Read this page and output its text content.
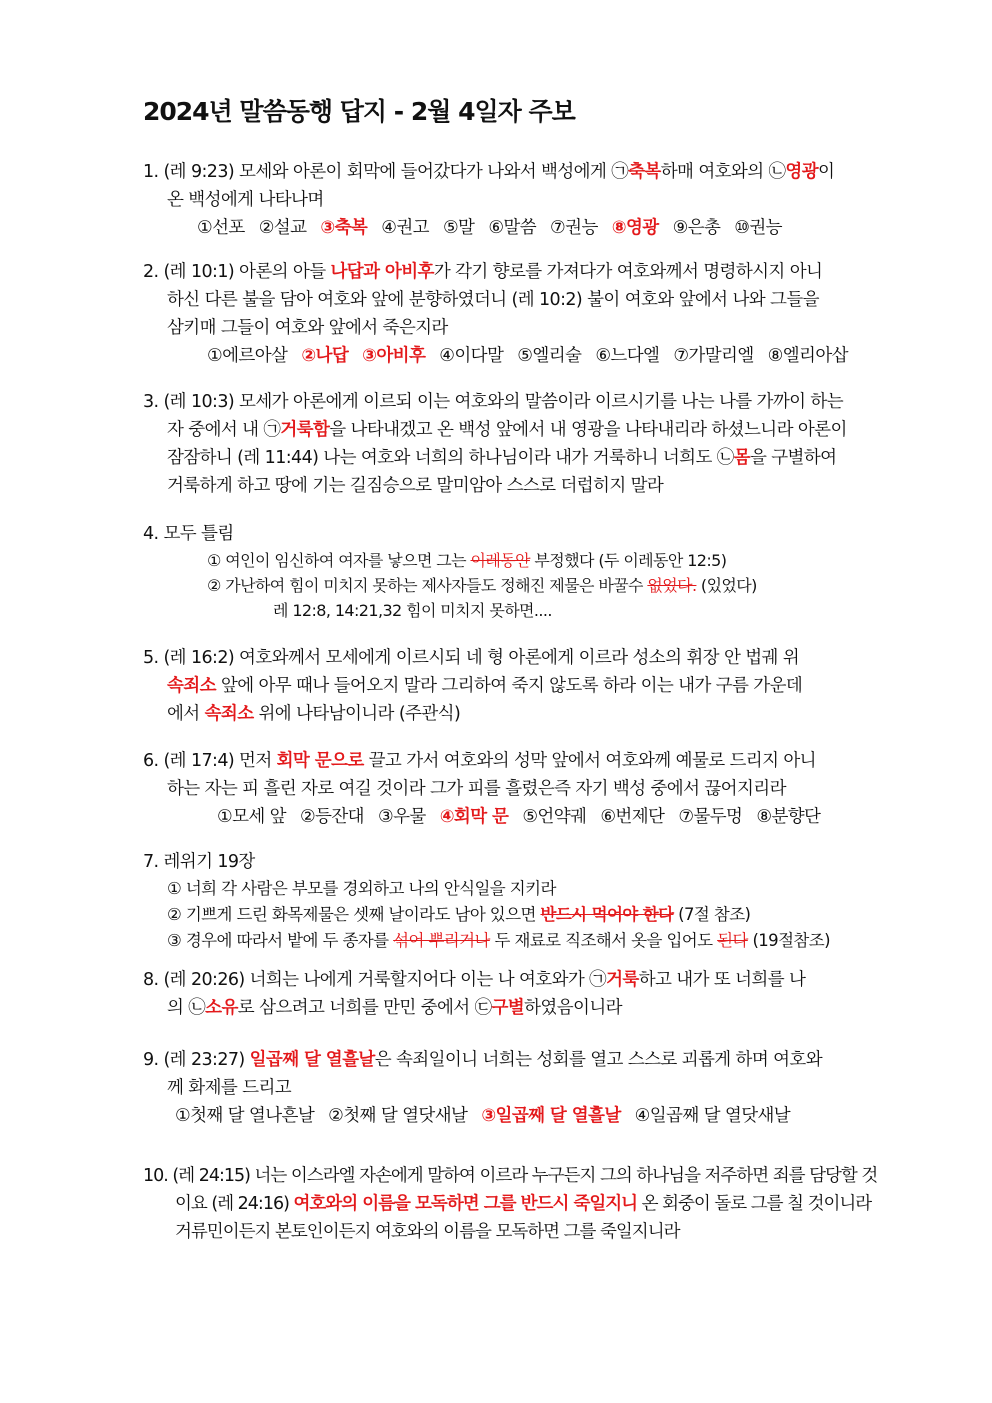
2024년 말씀동행 답지 - 2월 4일자 주보
1. (레 9:23) 모세와 아론이 회막에 들어갔다가 나와서 백성에게 ㉠축복하매 여호와의 ㉡영광이
온 백성에게 나타나며
①선포 ②설교 ③축복 ④권고 ⑤말 ⑥말씀 ⑦권능 ⑧영광 ⑨은총 ⑩권능
2. (레 10:1) 아론의 아들 나답과 아비후가 각기 향로를 가져다가 여호와께서 명령하시지 아니
하신 다른 불을 담아 여호와 앞에 분향하였더니 (레 10:2) 불이 여호와 앞에서 나와 그들을
삼키매 그들이 여호와 앞에서 죽은지라
①에르아살 ②나답 ③아비후 ④이다말 ⑤엘리술 ⑥느다엘 ⑦가말리엘 ⑧엘리아삽
3. (레 10:3) 모세가 아론에게 이르되 이는 여호와의 말씀이라 이르시기를 나는 나를 가까이 하는
자 중에서 내 ㉠거룩함을 나타내겠고 온 백성 앞에서 내 영광을 나타내리라 하셨느니라 아론이
잠잠하니 (레 11:44) 나는 여호와 너희의 하나님이라 내가 거룩하니 너희도 ㉡몸을 구별하여
거룩하게 하고 땅에 기는 길짐승으로 말미암아 스스로 더럽히지 말라
4. 모두 틀림
① 여인이 임신하여 여자를 낳으면 그는 이레동안 부정했다 (두 이레동안 12:5)
② 가난하여 힘이 미치지 못하는 제사자들도 정해진 제물은 바꿀수 없었다. (있었다)
레 12:8, 14:21,32 힘이 미치지 못하면....
5. (레 16:2) 여호와께서 모세에게 이르시되 네 형 아론에게 이르라 성소의 휘장 안 법궤 위
속죄소 앞에 아무 때나 들어오지 말라 그리하여 죽지 않도록 하라 이는 내가 구름 가운데
에서 속죄소 위에 나타남이니라 (주관식)
6. (레 17:4) 먼저 회막 문으로 끌고 가서 여호와의 성막 앞에서 여호와께 예물로 드리지 아니
하는 자는 피 흘린 자로 여길 것이라 그가 피를 흘렸은즉 자기 백성 중에서 끊어지리라
①모세 앞 ②등잔대 ③우물 ④회막 문 ⑤언약궤 ⑥번제단 ⑦물두멍 ⑧분향단
7. 레위기 19장
① 너희 각 사람은 부모를 경외하고 나의 안식일을 지키라
② 기쁘게 드린 화목제물은 셋째 날이라도 남아 있으면 반드시 먹어야 한다 (7절 참조)
③ 경우에 따라서 밭에 두 종자를 섞어 뿌리거나 두 재료로 직조해서 옷을 입어도 된다 (19절참조)
8. (레 20:26) 너희는 나에게 거룩할지어다 이는 나 여호와가 ㉠거룩하고 내가 또 너희를 나
의 ㉡소유로 삼으려고 너희를 만민 중에서 ㉢구별하였음이니라
9. (레 23:27) 일곱째 달 열흘날은 속죄일이니 너희는 성회를 열고 스스로 괴롭게 하며 여호와
께 화제를 드리고
①첫째 달 열나흔날 ②첫째 달 열닷새날 ③일곱째 달 열흘날 ④일곱째 달 열닷새날
10. (레 24:15) 너는 이스라엘 자손에게 말하여 이르라 누구든지 그의 하나님을 저주하면 죄를 담당할 것
이요 (레 24:16) 여호와의 이름을 모독하면 그를 반드시 죽일지니 온 회중이 돌로 그를 칠 것이니라
거류민이든지 본토인이든지 여호와의 이름을 모독하면 그를 죽일지니라
